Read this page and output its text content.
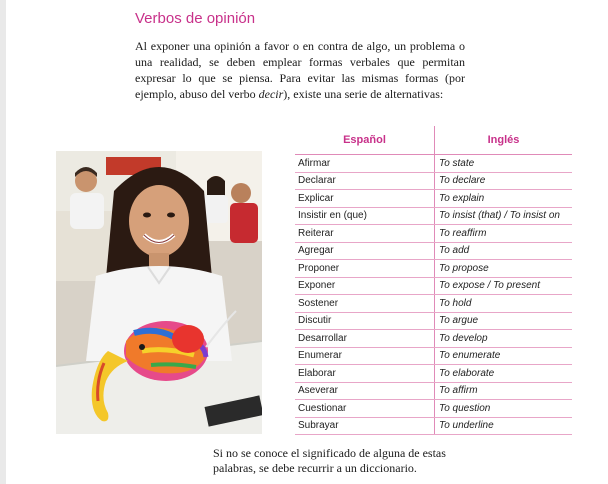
Verbos de opinión

Al exponer una opinión a favor o en contra de algo, un problema o una realidad, se deben emplear formas verbales que permitan expresar lo que se piensa. Para evitar las mismas formas (por ejemplo, abuso del verbo decir), existe una serie de alternativas:

Español	Inglés
Afirmar	To state
Declarar	To declare
Explicar	To explain
Insistir en (que)	To insist (that) / To insist on
Reiterar	To reaffirm
Agregar	To add
Proponer	To propose
Exponer	To expose / To present
Sostener	To hold
Discutir	To argue
Desarrollar	To develop
Enumerar	To enumerate
Elaborar	To elaborate
Aseverar	To affirm
Cuestionar	To question
Subrayar	To underline

Si no se conoce el significado de alguna de estas palabras, se debe recurrir a un diccionario.
